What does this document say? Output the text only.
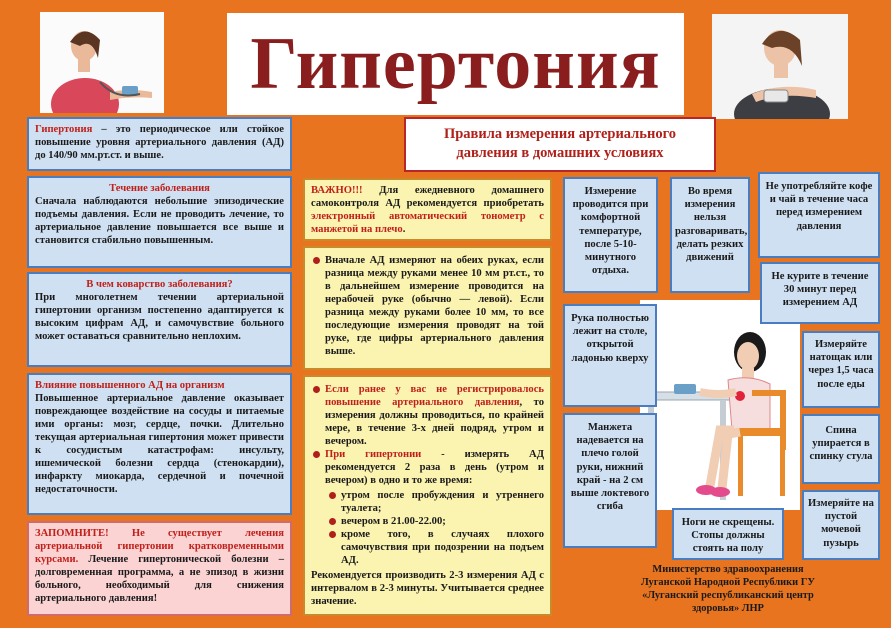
Гипертония
Правила измерения артериального давления в домашних условиях
Гипертония – это периодическое или стойкое повышение уровня артериального давления (АД) до 140/90 мм.рт.ст. и выше.
Течение заболевания
Сначала наблюдаются небольшие эпизодические подъемы давления. Если не проводить лечение, то артериальное давление повышается все выше и становится стабильно повышенным.
В чем коварство заболевания?
При многолетнем течении артериальной гипертонии организм постепенно адаптируется к высоким цифрам АД, и самочувствие больного может оставаться сравнительно неплохим.
Влияние повышенного АД на организм
Повышенное артериальное давление оказывает повреждающее воздействие на сосуды и питаемые ими органы: мозг, сердце, почки. Длительно текущая артериальная гипертония может привести к сосудистым катастрофам: инсульту, ишемической болезни сердца (стенокардии), инфаркту миокарда, сердечной и почечной недостаточности.
ЗАПОМНИТЕ! Не существует лечения артериальной гипертонии кратковременными курсами. Лечение гипертонической болезни – долговременная программа, а не эпизод в жизни больного, необходимый для снижения артериального давления!
ВАЖНО!!! Для ежедневного домашнего самоконтроля АД рекомендуется приобретать электронный автоматический тонометр с манжетой на плечо.
Вначале АД измеряют на обеих руках, если разница между руками менее 10 мм рт.ст., то в дальнейшем измерение проводится на нерабочей руке (обычно — левой). Если разница между руками более 10 мм, то все последующие измерения проводят на той руке, где цифры артериального давления выше.
Если ранее у вас не регистрировалось повышение артериального давления, то измерения должны проводиться, по крайней мере, в течение 3-х дней подряд, утром и вечером.
При гипертонии - измерять АД рекомендуется 2 раза в день (утром и вечером) в одно и то же время:
утром после пробуждения и утреннего туалета;
вечером в 21.00-22.00;
кроме того, в случаях плохого самочувствия при подозрении на подъем АД.
Рекомендуется производить 2-3 измерения АД с интервалом в 2-3 минуты. Учитывается среднее значение.
Измерение проводится при комфортной температуре, после 5-10-минутного отдыха.
Во время измерения нельзя разговаривать, делать резких движений
Не употребляйте кофе и чай в течение часа перед измерением давления
Не курите в течение 30 минут перед измерением АД
Рука полностью лежит на столе, открытой ладонью кверху
Измеряйте натощак или через 1,5 часа после еды
Манжета надевается на плечо голой руки, нижний край - на 2 см выше локтевого сгиба
Спина упирается в спинку стула
Ноги не скрещены. Стопы должны стоять на полу
Измеряйте на пустой мочевой пузырь
Министерство здравоохранения Луганской Народной Республики ГУ «Луганский республиканский центр здоровья» ЛНР
